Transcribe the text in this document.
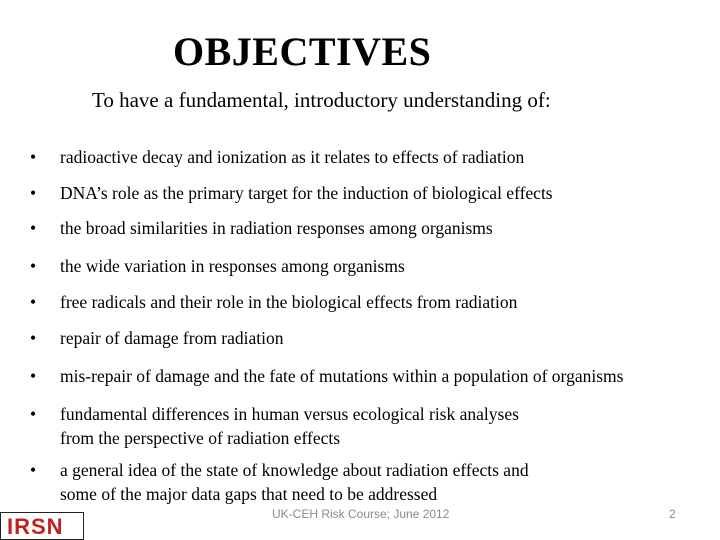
OBJECTIVES
To have a fundamental, introductory understanding of:
• radioactive decay and ionization as it relates to effects of radiation
• DNA’s role as the primary target for the induction of biological effects
• the broad similarities in radiation responses among organisms
• the wide variation in responses among organisms
• free radicals and their role in the biological effects from radiation
• repair of damage from radiation
• mis-repair of damage and the fate of mutations within a population of organisms
• fundamental differences in human versus ecological risk analyses
from the perspective of radiation effects
• a general idea of the state of knowledge about radiation effects and
some of the major data gaps that need to be addressed
IRSN	UK-CEH Risk Course; June 2012	2
